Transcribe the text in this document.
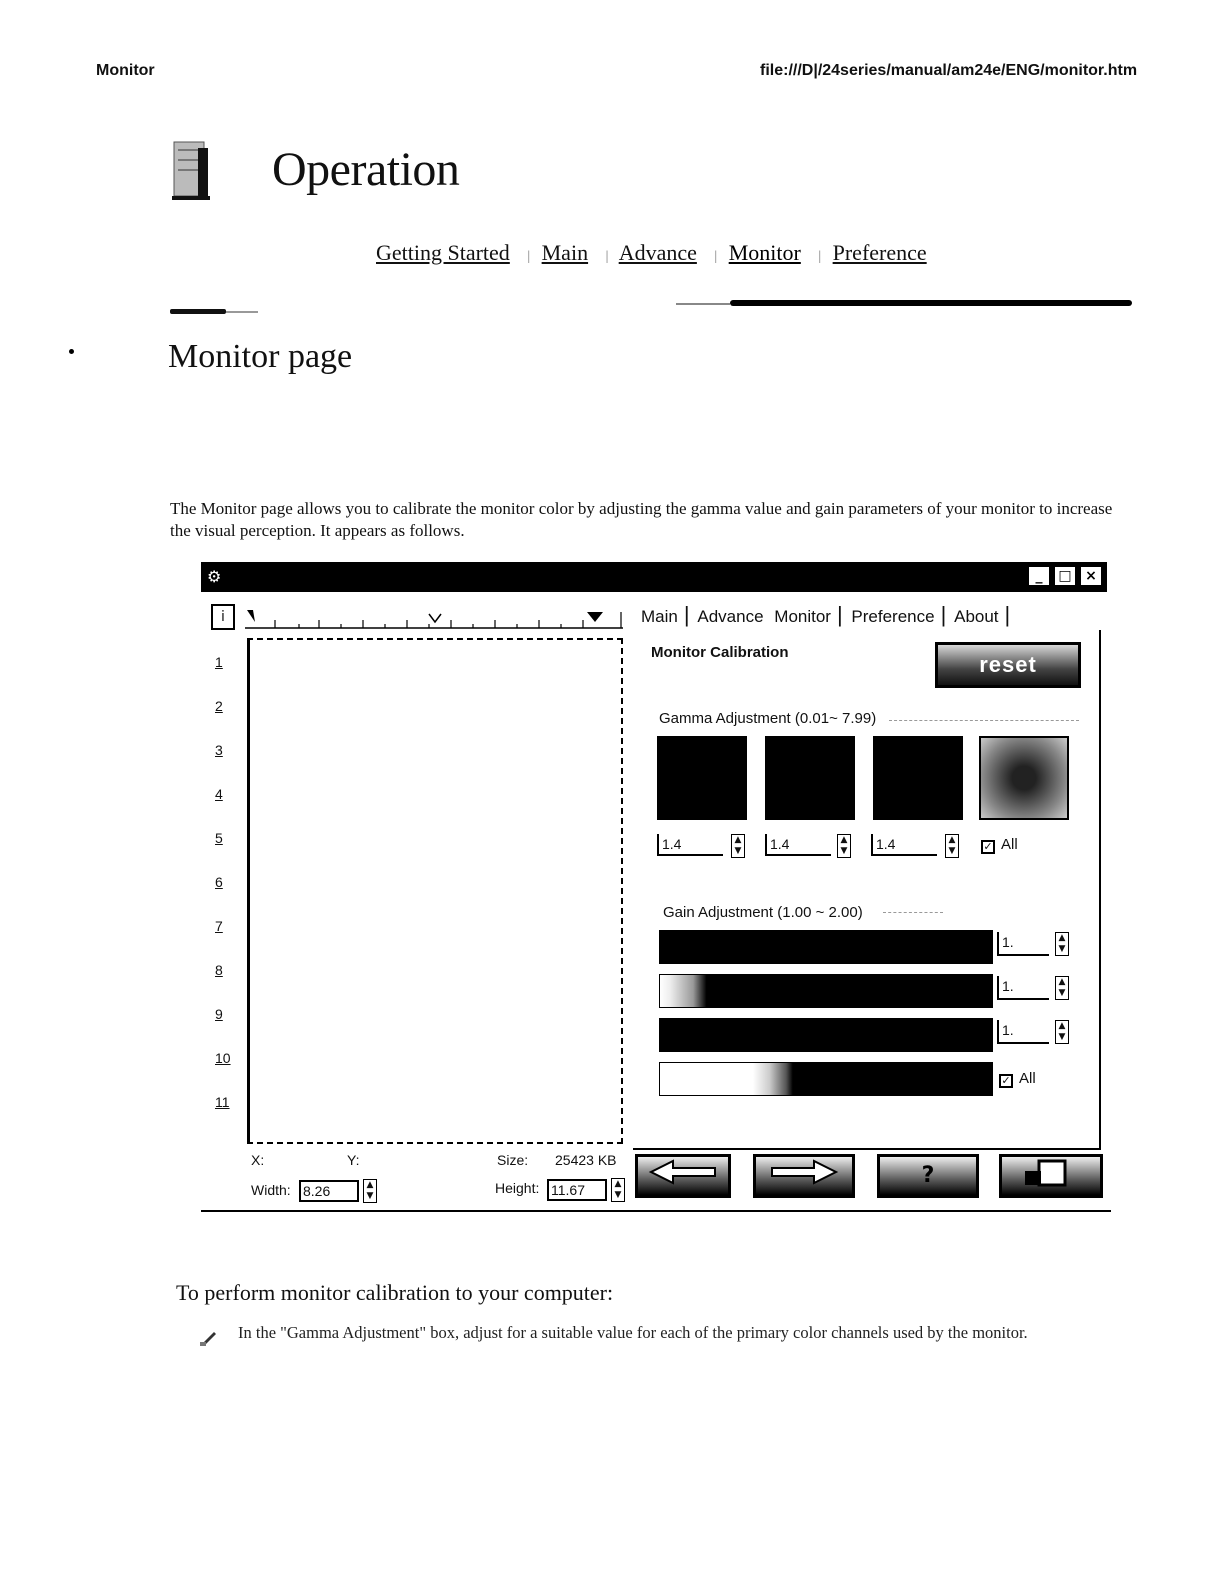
Monitor	file:///D|/24series/manual/am24e/ENG/monitor.htm
Operation
Getting Started | Main | Advance | Monitor | Preference
Monitor page

The Monitor page allows you to calibrate the monitor color by adjusting the gamma value and gain parameters of your monitor to increase the visual perception. It appears as follows.

⚙	_	□ ×
i
1
2
3
4
5
6
7
8
9
10
11
X:	Y:	Size: 25423 KB
Width: 8.26	▲
▼	Height: 11.67	▲
▼
Main | Advance Monitor | Preference | About |
Monitor Calibration	reset
Gamma Adjustment (0.01~ 7.99)
1.4	▲
▼	1.4	▲
▼	1.4	▲
▼	✓ All
Gain Adjustment (1.00 ~ 2.00)
1.	▲
▼
1.	▲
▼
1.	▲
▼
✓ All
?
To perform monitor calibration to your computer:

In the "Gamma Adjustment" box, adjust for a suitable value for each of the primary color channels used by the monitor.
